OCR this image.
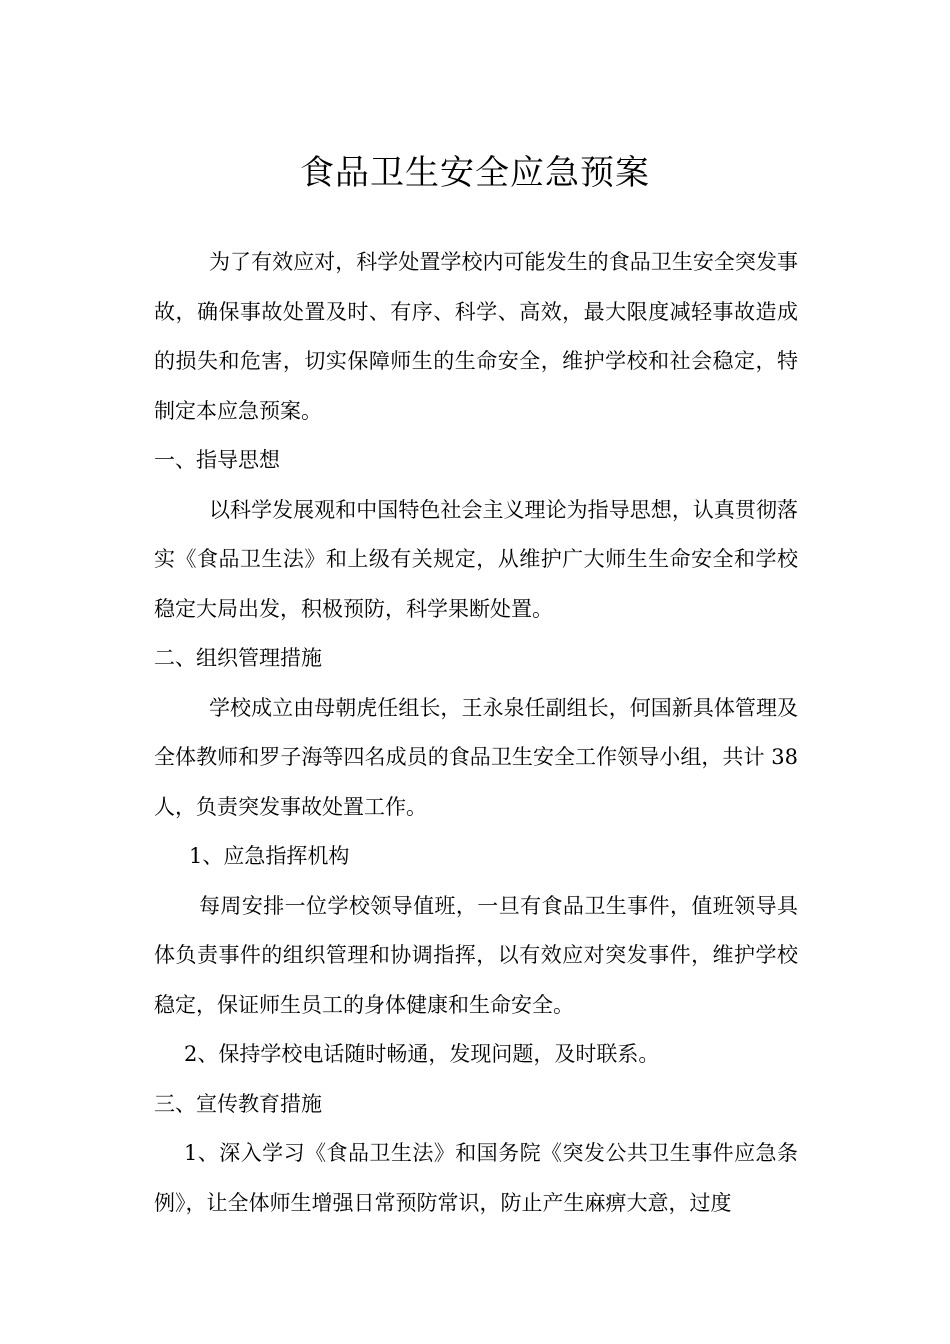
食品卫生安全应急预案

为了有效应对，科学处置学校内可能发生的食品卫生安全突发事故，确保事故处置及时、有序、科学、高效，最大限度减轻事故造成的损失和危害，切实保障师生的生命安全，维护学校和社会稳定，特制定本应急预案。

一、指导思想

以科学发展观和中国特色社会主义理论为指导思想，认真贯彻落实《食品卫生法》和上级有关规定，从维护广大师生生命安全和学校稳定大局出发，积极预防，科学果断处置。

二、组织管理措施

学校成立由母朝虎任组长，王永泉任副组长，何国新具体管理及全体教师和罗子海等四名成员的食品卫生安全工作领导小组，共计 38 人，负责突发事故处置工作。

1、应急指挥机构

每周安排一位学校领导值班，一旦有食品卫生事件，值班领导具体负责事件的组织管理和协调指挥，以有效应对突发事件，维护学校稳定，保证师生员工的身体健康和生命安全。

2、保持学校电话随时畅通，发现问题，及时联系。

三、宣传教育措施

1、深入学习《食品卫生法》和国务院《突发公共卫生事件应急条例》，让全体师生增强日常预防常识，防止产生麻痹大意，过度
